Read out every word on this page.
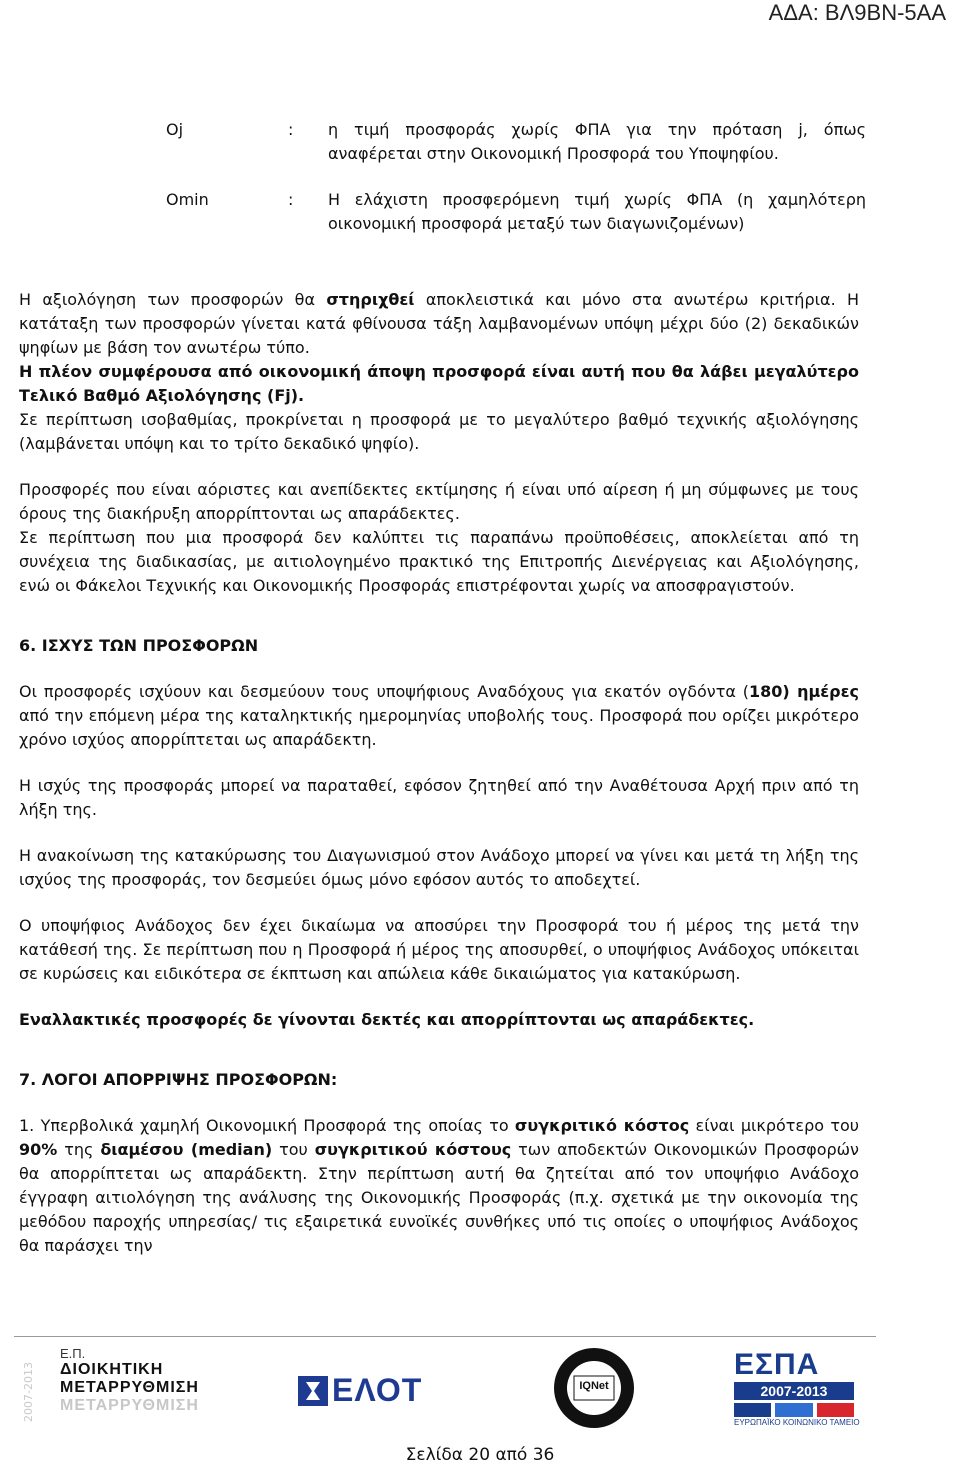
ΑΔΑ: ΒΛ9ΒΝ-5ΑΑ
Oj	:	η τιμή προσφοράς χωρίς ΦΠΑ για την πρόταση j, όπως αναφέρεται στην Οικονομική Προσφορά του Υποψηφίου.
Omin	:	Η ελάχιστη προσφερόμενη τιμή χωρίς ΦΠΑ (η χαμηλότερη οικονομική προσφορά μεταξύ των διαγωνιζομένων)

Η αξιολόγηση των προσφορών θα στηριχθεί αποκλειστικά και μόνο στα ανωτέρω κριτήρια. Η κατάταξη των προσφορών γίνεται κατά φθίνουσα τάξη λαμβανομένων υπόψη μέχρι δύο (2) δεκαδικών ψηφίων με βάση τον ανωτέρω τύπο.

Η πλέον συμφέρουσα από οικονομική άποψη προσφορά είναι αυτή που θα λάβει μεγαλύτερο Τελικό Βαθμό Αξιολόγησης (Fj).

Σε περίπτωση ισοβαθμίας, προκρίνεται η προσφορά με το μεγαλύτερο βαθμό τεχνικής αξιολόγησης (λαμβάνεται υπόψη και το τρίτο δεκαδικό ψηφίο).

Προσφορές που είναι αόριστες και ανεπίδεκτες εκτίμησης ή είναι υπό αίρεση ή μη σύμφωνες με τους όρους της διακήρυξη απορρίπτονται ως απαράδεκτες.

Σε περίπτωση που μια προσφορά δεν καλύπτει τις παραπάνω προϋποθέσεις, αποκλείεται από τη συνέχεια της διαδικασίας, με αιτιολογημένο πρακτικό της Επιτροπής Διενέργειας και Αξιολόγησης, ενώ οι Φάκελοι Τεχνικής και Οικονομικής Προσφοράς επιστρέφονται χωρίς να αποσφραγιστούν.

6. ΙΣΧΥΣ ΤΩΝ ΠΡΟΣΦΟΡΩΝ

Οι προσφορές ισχύουν και δεσμεύουν τους υποψήφιους Αναδόχους για εκατόν ογδόντα (180) ημέρες από την επόμενη μέρα της καταληκτικής ημερομηνίας υποβολής τους. Προσφορά που ορίζει μικρότερο χρόνο ισχύος απορρίπτεται ως απαράδεκτη.

Η ισχύς της προσφοράς μπορεί να παραταθεί, εφόσον ζητηθεί από την Αναθέτουσα Αρχή πριν από τη λήξη της.

Η ανακοίνωση της κατακύρωσης του Διαγωνισμού στον Ανάδοχο μπορεί να γίνει και μετά τη λήξη της ισχύος της προσφοράς, τον δεσμεύει όμως μόνο εφόσον αυτός το αποδεχτεί.

Ο υποψήφιος Ανάδοχος δεν έχει δικαίωμα να αποσύρει την Προσφορά του ή μέρος της μετά την κατάθεσή της. Σε περίπτωση που η Προσφορά ή μέρος της αποσυρθεί, ο υποψήφιος Ανάδοχος υπόκειται σε κυρώσεις και ειδικότερα σε έκπτωση και απώλεια κάθε δικαιώματος για κατακύρωση.

Εναλλακτικές προσφορές δε γίνονται δεκτές και απορρίπτονται ως απαράδεκτες.

7. ΛΟΓΟΙ ΑΠΟΡΡΙΨΗΣ ΠΡΟΣΦΟΡΩΝ:

1. Υπερβολικά χαμηλή Οικονομική Προσφορά της οποίας το συγκριτικό κόστος είναι μικρότερο του 90% της διαμέσου (median) του συγκριτικού κόστους των αποδεκτών Οικονομικών Προσφορών θα απορρίπτεται ως απαράδεκτη. Στην περίπτωση αυτή θα ζητείται από τον υποψήφιο Ανάδοχο έγγραφη αιτιολόγηση της ανάλυσης της Οικονομικής Προσφοράς (π.χ. σχετικά με την οικονομία της μεθόδου παροχής υπηρεσίας/ τις εξαιρετικά ευνοϊκές συνθήκες υπό τις οποίες ο υποψήφιος Ανάδοχος θα παράσχει την

2007-2013
Ε.Π.
ΔΙΟΙΚΗΤΙΚΗ
ΜΕΤΑΡΡΥΘΜΙΣΗ
ΜΕΤΑΡΡΥΘΜΙΣΗ	ΕΛΟΤ	IQNet
ΕΣΠΑ
2007-2013
ΕΥΡΩΠΑΪΚΟ ΚΟΙΝΩΝΙΚΟ ΤΑΜΕΙΟ
Σελίδα 20 από 36
